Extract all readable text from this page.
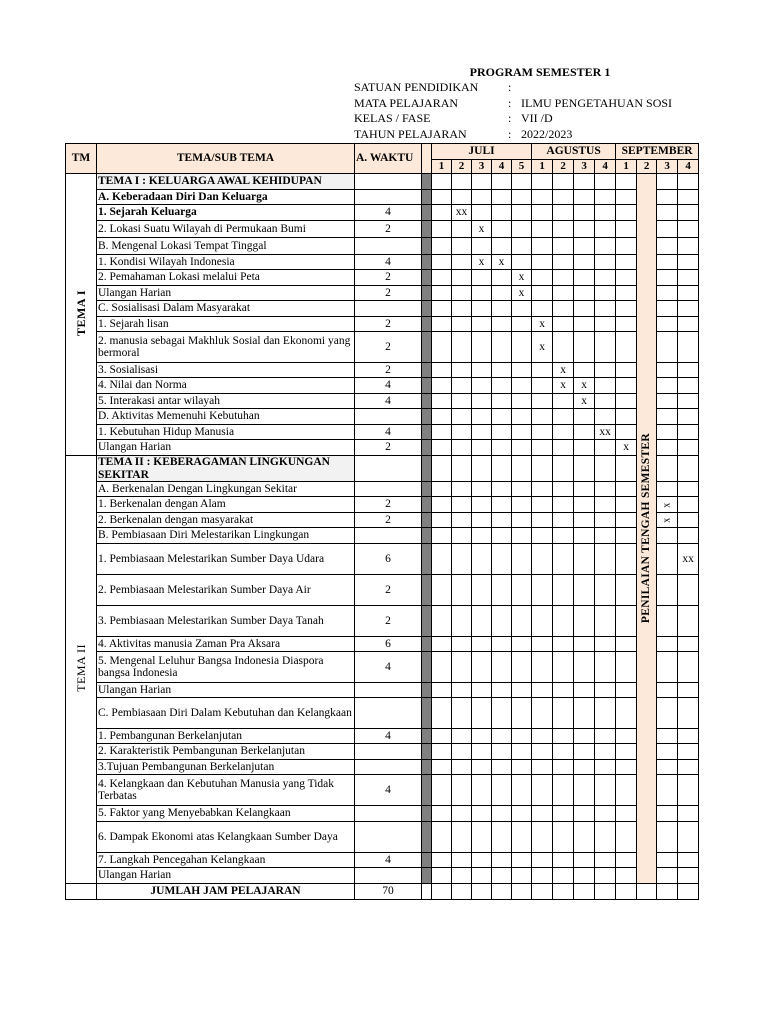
PROGRAM SEMESTER 1
SATUAN PENDIDIKAN	:
MATA PELAJARAN	: ILMU PENGETAHUAN SOSI
KELAS / FASE	: VII /D
TAHUN PELAJARAN	: 2022/2023
TM	TEMA/SUB TEMA	A. WAKTU		JULI					AGUSTUS				SEPTEMBER			
				1	2	3	4	5	1	2	3	4	1	2	3	4
TEMA I	TEMA I : KELUARGA AWAL KEHIDUPAN													PENILAIAN TENGAH SEMESTER		

	A. Keberadaan Diri Dan Keluarga															
	1. Sejarah Keluarga	4			xx											
	2. Lokasi Suatu Wilayah di Permukaan Bumi	2				x										
	B. Mengenal Lokasi Tempat Tinggal															
	1. Kondisi Wilayah Indonesia	4				x	x									
	2. Pemahaman Lokasi melalui Peta	2						x								
	Ulangan Harian	2						x								
	C. Sosialisasi Dalam Masyarakat															
	1. Sejarah lisan	2							x							
	2. manusia sebagai Makhluk Sosial dan Ekonomi yang bermoral	2							x							
	3. Sosialisasi	2								x						
	4. Nilai dan Norma	4								x	x					
	5. Interakasi antar wilayah	4									x					
	D. Aktivitas Memenuhi Kebutuhan															
	1. Kebutuhan Hidup Manusia	4										xx				
	Ulangan Harian	2											x			
TEMA II	TEMA II : KEBERAGAMAN LINGKUNGAN SEKITAR															
	A. Berkenalan Dengan Lingkungan Sekitar															
	1. Berkenalan dengan Alam	2													x	
	2. Berkenalan dengan masyarakat	2													x	
	B. Pembiasaan Diri Melestarikan Lingkungan															
	1. Pembiasaan Melestarikan Sumber Daya Udara	6														xx
	2. Pembiasaan Melestarikan Sumber Daya Air	2														
	3. Pembiasaan Melestarikan Sumber Daya Tanah	2														
	4. Aktivitas manusia Zaman Pra Aksara	6														
	5. Mengenal Leluhur Bangsa Indonesia Diaspora bangsa Indonesia	4														
	Ulangan Harian															
	C. Pembiasaan Diri Dalam Kebutuhan dan Kelangkaan															
	1. Pembangunan Berkelanjutan	4														
	2. Karakteristik Pembangunan Berkelanjutan															
	3.Tujuan Pembangunan Berkelanjutan															
	4. Kelangkaan dan Kebutuhan Manusia yang Tidak Terbatas	4														
	5. Faktor yang Menyebabkan Kelangkaan															
	6. Dampak Ekonomi atas Kelangkaan Sumber Daya															
	7. Langkah Pencegahan Kelangkaan	4														
	Ulangan Harian															
	JUMLAH JAM PELAJARAN	70														
